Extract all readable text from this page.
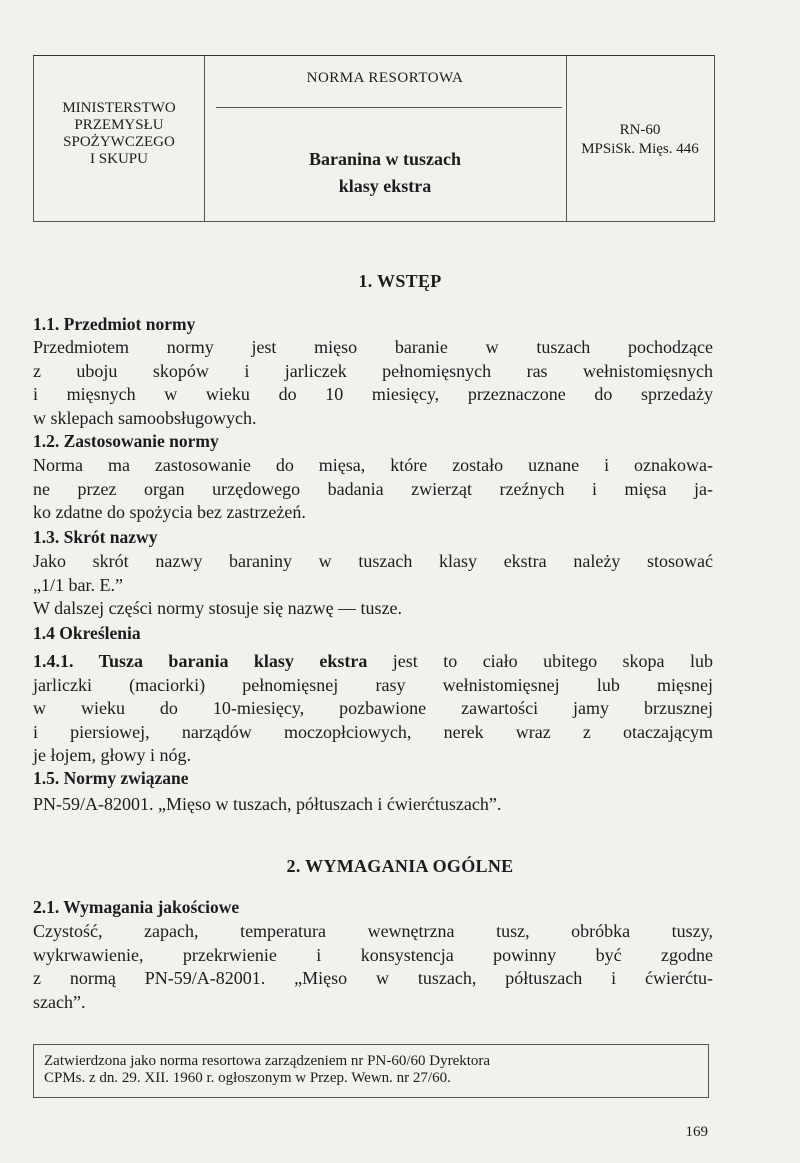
MINISTERSTWO
PRZEMYSŁU
SPOŻYWCZEGO
I SKUPU
NORMA RESORTOWA
Baranina w tuszach
klasy ekstra
RN-60
MPSiSk. Mięs. 446
1. WSTĘP
1.1. Przedmiot normy
Przedmiotem normy jest mięso baranie w tuszach pochodzące
z uboju skopów i jarliczek pełnomięsnych ras wełnistomięsnych
i mięsnych w wieku do 10 miesięcy, przeznaczone do sprzedaży
w sklepach samoobsługowych.
1.2. Zastosowanie normy
Norma ma zastosowanie do mięsa, które zostało uznane i oznakowa-
ne przez organ urzędowego badania zwierząt rzeźnych i mięsa ja-
ko zdatne do spożycia bez zastrzeżeń.
1.3. Skrót nazwy
Jako skrót nazwy baraniny w tuszach klasy ekstra należy stosować
„1/1 bar. E.”
W dalszej części normy stosuje się nazwę — tusze.
1.4 Określenia
1.4.1. Tusza barania klasy ekstra jest to ciało ubitego skopa lub
jarliczki (maciorki) pełnomięsnej rasy wełnistomięsnej lub mięsnej
w wieku do 10-miesięcy, pozbawione zawartości jamy brzusznej
i piersiowej, narządów moczopłciowych, nerek wraz z otaczającym
je łojem, głowy i nóg.
1.5. Normy związane
PN-59/A-82001. „Mięso w tuszach, półtuszach i ćwierćtuszach”.
2. WYMAGANIA OGÓLNE
2.1. Wymagania jakościowe
Czystość, zapach, temperatura wewnętrzna tusz, obróbka tuszy,
wykrwawienie, przekrwienie i konsystencja powinny być zgodne
z normą PN-59/A-82001. „Mięso w tuszach, półtuszach i ćwierćtu-
szach”.
Zatwierdzona jako norma resortowa zarządzeniem nr PN-60/60 Dyrektora
CPMs. z dn. 29. XII. 1960 r. ogłoszonym w Przep. Wewn. nr 27/60.
169
